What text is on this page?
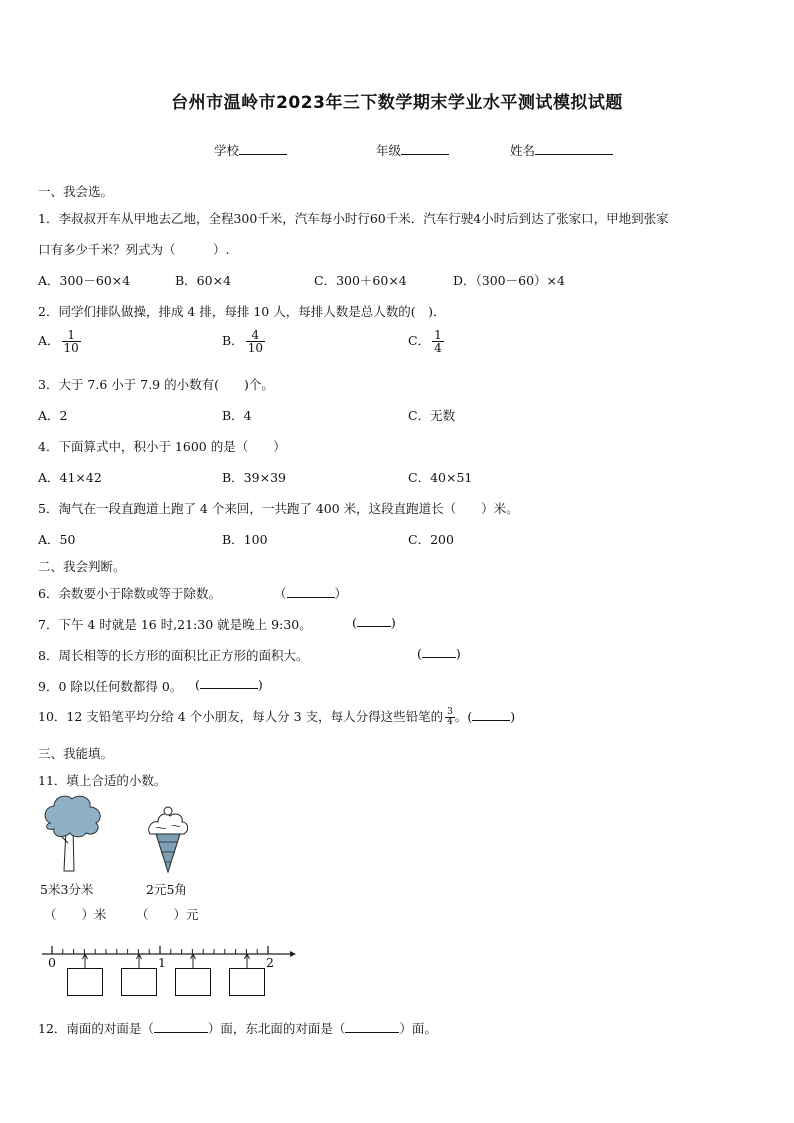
台州市温岭市2023年三下数学期末学业水平测试模拟试题
学校	年级	姓名
一、我会选。
1．李叔叔开车从甲地去乙地，全程300千米，汽车每小时行60千米．汽车行驶4小时后到达了张家口，甲地到张家
口有多少千米？列式为（　　　）.
A．300－60×4	B．60×4	C．300＋60×4	D．（300－60）×4
2．同学们排队做操，排成 4 排，每排 10 人，每排人数是总人数的(　)．
A． $\frac{1}{10}$	B． $\frac{4}{10}$	C． $\frac{1}{4}$
3．大于 7.6 小于 7.9 的小数有(　　)个。
A．2	B．4	C．无数
4．下面算式中，积小于 1600 的是（　　）
A．41×42	B．39×39	C．40×51
5．淘气在一段直跑道上跑了 4 个来回，一共跑了 400 米，这段直跑道长（　　）米。
A．50	B．100	C．200
二、我会判断。
6．余数要小于除数或等于除数。	（	）
7．下午 4 时就是 16 时,21:30 就是晚上 9:30。	(	)
8．周长相等的长方形的面积比正方形的面积大。	(	)
9．0 除以任何数都得 0。 (	)
10．12 支铅笔平均分给 4 个小朋友，每人分 3 支，每人分得这些铅笔的 $\frac{3}{4}$ 。(	)
三、我能填。
11．填上合适的小数。
5米3分米	2元5角
（　　）米 （　　）元
0	1	2
12．南面的对面是（	）面，东北面的对面是（	）面。
